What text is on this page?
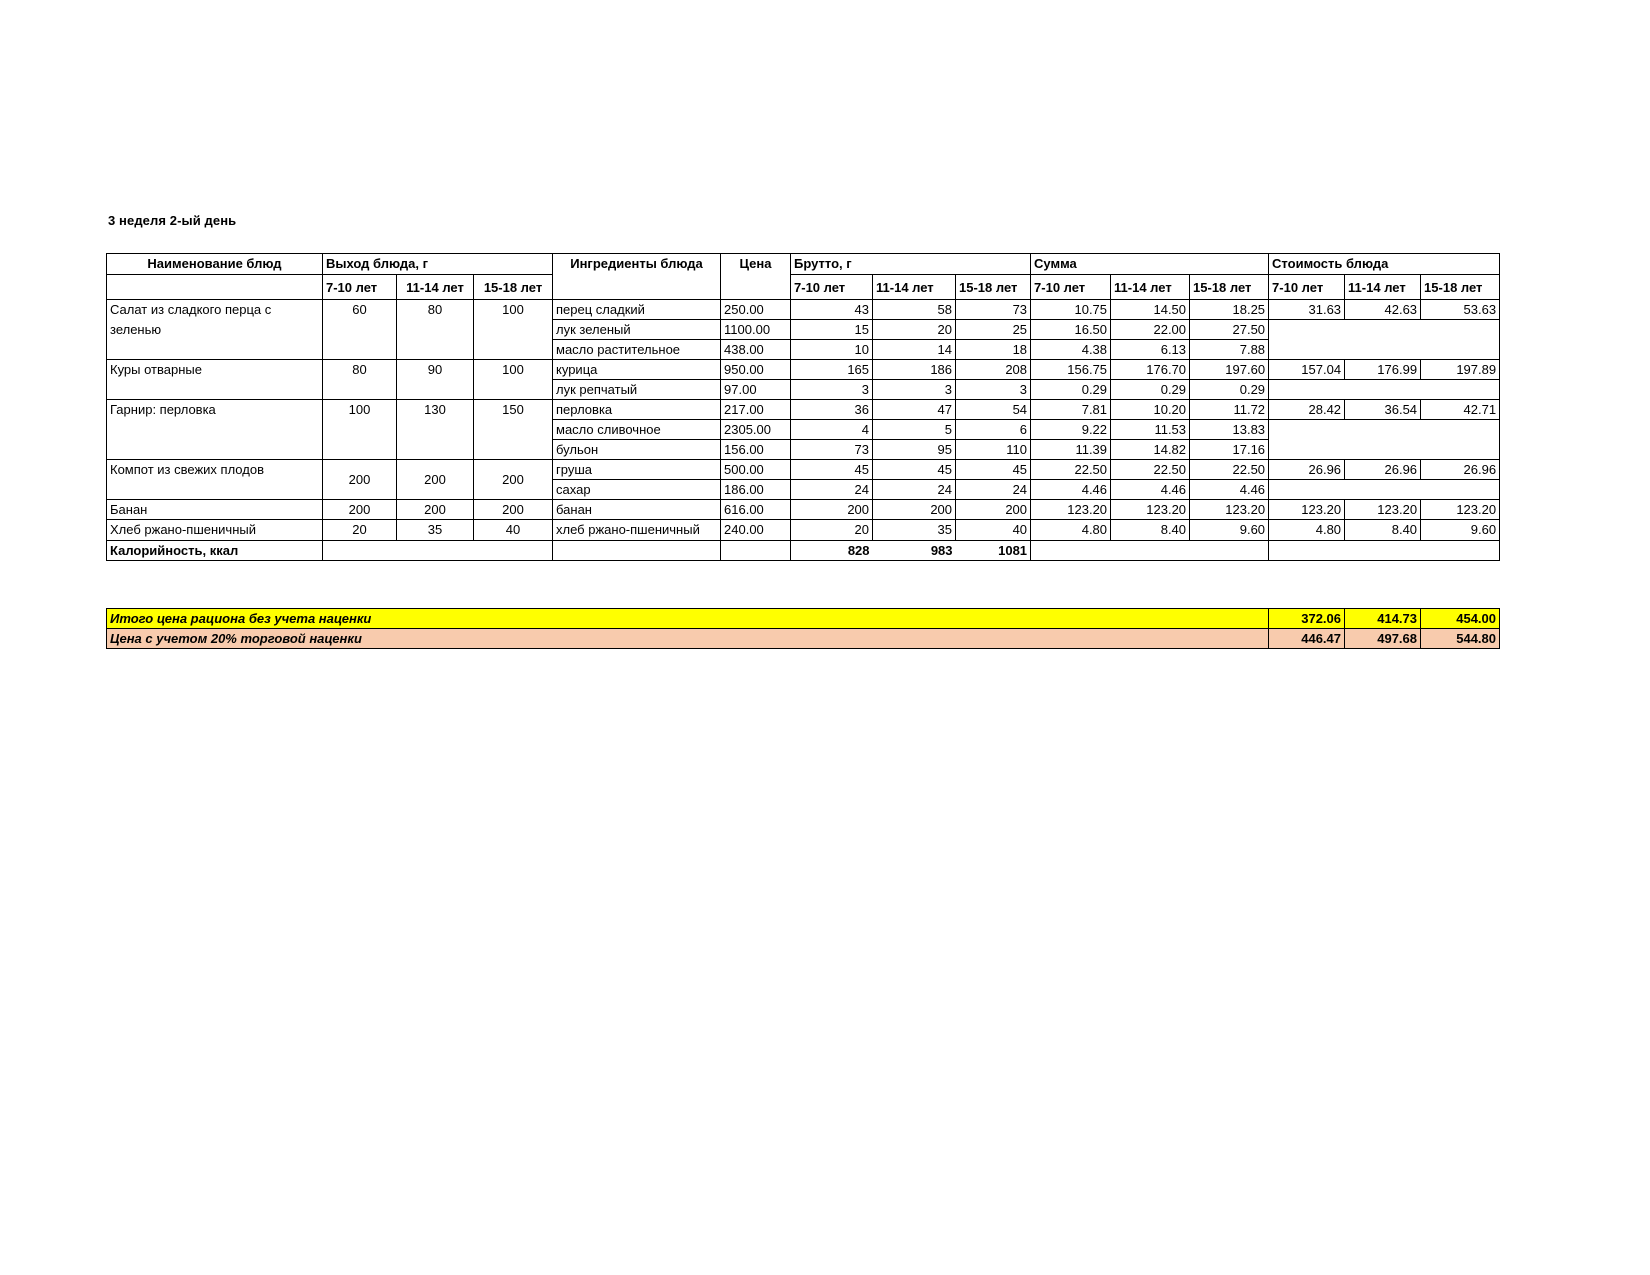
3 неделя 2-ый день
Наименование блюд	Выход блюда, г			Ингредиенты блюда	Цена	Брутто, г			Сумма			Стоимость блюда		
	7-10 лет	11-14 лет	15-18 лет			7-10 лет	11-14 лет	15-18 лет	7-10 лет	11-14 лет	15-18 лет	7-10 лет	11-14 лет	15-18 лет
Салат из сладкого перца с зеленью	60	80	100	перец сладкий	250.00	43	58	73	10.75	14.50	18.25	31.63	42.63	53.63
				лук зеленый	1100.00	15	20	25	16.50	22.00	27.50			
				масло растительное	438.00	10	14	18	4.38	6.13	7.88			
Куры отварные	80	90	100	курица	950.00	165	186	208	156.75	176.70	197.60	157.04	176.99	197.89
				лук репчатый	97.00	3	3	3	0.29	0.29	0.29			
Гарнир: перловка	100	130	150	перловка	217.00	36	47	54	7.81	10.20	11.72	28.42	36.54	42.71
				масло сливочное	2305.00	4	5	6	9.22	11.53	13.83			
				бульон	156.00	73	95	110	11.39	14.82	17.16			
Компот из свежих плодов	200	200	200	груша	500.00	45	45	45	22.50	22.50	22.50	26.96	26.96	26.96
				сахар	186.00	24	24	24	4.46	4.46	4.46			
Банан	200	200	200	банан	616.00	200	200	200	123.20	123.20	123.20	123.20	123.20	123.20
Хлеб ржано-пшеничный	20	35	40	хлеб ржано-пшеничный	240.00	20	35	40	4.80	8.40	9.60	4.80	8.40	9.60
Калорийность, ккал						828	983	1081						
Итого цена рациона без учета наценки	372.06	414.73	454.00
Цена с учетом 20% торговой наценки	446.47	497.68	544.80
